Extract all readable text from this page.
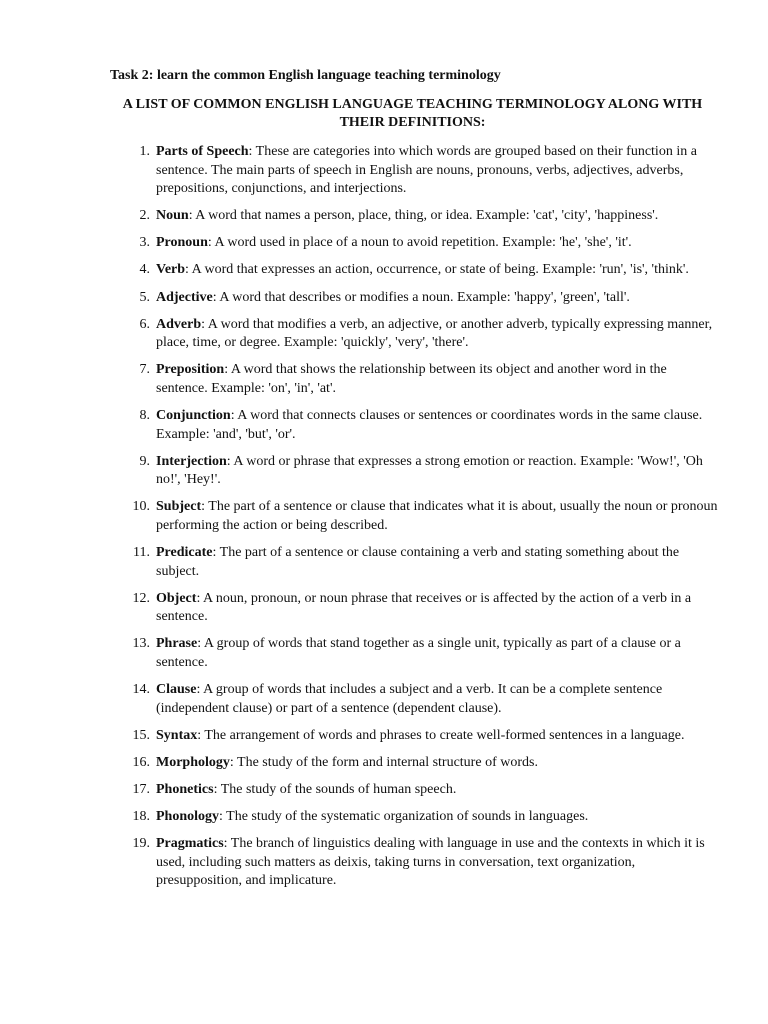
Task 2: learn the common English language teaching terminology

A LIST OF COMMON ENGLISH LANGUAGE TEACHING TERMINOLOGY ALONG WITH THEIR DEFINITIONS:

1. Parts of Speech: These are categories into which words are grouped based on their function in a sentence. The main parts of speech in English are nouns, pronouns, verbs, adjectives, adverbs, prepositions, conjunctions, and interjections.
2. Noun: A word that names a person, place, thing, or idea. Example: 'cat', 'city', 'happiness'.
3. Pronoun: A word used in place of a noun to avoid repetition. Example: 'he', 'she', 'it'.
4. Verb: A word that expresses an action, occurrence, or state of being. Example: 'run', 'is', 'think'.
5. Adjective: A word that describes or modifies a noun. Example: 'happy', 'green', 'tall'.
6. Adverb: A word that modifies a verb, an adjective, or another adverb, typically expressing manner, place, time, or degree. Example: 'quickly', 'very', 'there'.
7. Preposition: A word that shows the relationship between its object and another word in the sentence. Example: 'on', 'in', 'at'.
8. Conjunction: A word that connects clauses or sentences or coordinates words in the same clause. Example: 'and', 'but', 'or'.
9. Interjection: A word or phrase that expresses a strong emotion or reaction. Example: 'Wow!', 'Oh no!', 'Hey!'.
10. Subject: The part of a sentence or clause that indicates what it is about, usually the noun or pronoun performing the action or being described.
11. Predicate: The part of a sentence or clause containing a verb and stating something about the subject.
12. Object: A noun, pronoun, or noun phrase that receives or is affected by the action of a verb in a sentence.
13. Phrase: A group of words that stand together as a single unit, typically as part of a clause or a sentence.
14. Clause: A group of words that includes a subject and a verb. It can be a complete sentence (independent clause) or part of a sentence (dependent clause).
15. Syntax: The arrangement of words and phrases to create well-formed sentences in a language.
16. Morphology: The study of the form and internal structure of words.
17. Phonetics: The study of the sounds of human speech.
18. Phonology: The study of the systematic organization of sounds in languages.
19. Pragmatics: The branch of linguistics dealing with language in use and the contexts in which it is used, including such matters as deixis, taking turns in conversation, text organization, presupposition, and implicature.
